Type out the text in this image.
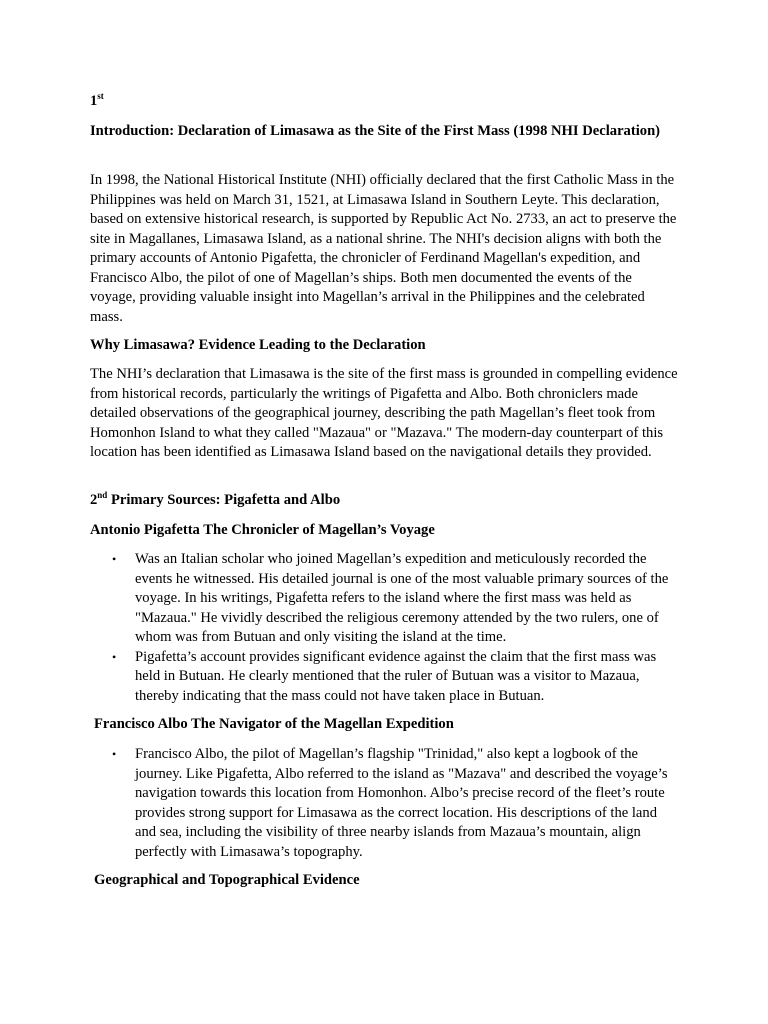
1st

Introduction: Declaration of Limasawa as the Site of the First Mass (1998 NHI Declaration)

In 1998, the National Historical Institute (NHI) officially declared that the first Catholic Mass in the Philippines was held on March 31, 1521, at Limasawa Island in Southern Leyte. This declaration, based on extensive historical research, is supported by Republic Act No. 2733, an act to preserve the site in Magallanes, Limasawa Island, as a national shrine. The NHI's decision aligns with both the primary accounts of Antonio Pigafetta, the chronicler of Ferdinand Magellan's expedition, and Francisco Albo, the pilot of one of Magellan’s ships. Both men documented the events of the voyage, providing valuable insight into Magellan’s arrival in the Philippines and the celebrated mass.

Why Limasawa? Evidence Leading to the Declaration

The NHI’s declaration that Limasawa is the site of the first mass is grounded in compelling evidence from historical records, particularly the writings of Pigafetta and Albo. Both chroniclers made detailed observations of the geographical journey, describing the path Magellan’s fleet took from Homonhon Island to what they called "Mazaua" or "Mazava." The modern-day counterpart of this location has been identified as Limasawa Island based on the navigational details they provided.

2nd Primary Sources: Pigafetta and Albo

Antonio Pigafetta The Chronicler of Magellan’s Voyage

• Was an Italian scholar who joined Magellan’s expedition and meticulously recorded the events he witnessed. His detailed journal is one of the most valuable primary sources of the voyage. In his writings, Pigafetta refers to the island where the first mass was held as "Mazaua." He vividly described the religious ceremony attended by the two rulers, one of whom was from Butuan and only visiting the island at the time.
• Pigafetta’s account provides significant evidence against the claim that the first mass was held in Butuan. He clearly mentioned that the ruler of Butuan was a visitor to Mazaua, thereby indicating that the mass could not have taken place in Butuan.

Francisco Albo The Navigator of the Magellan Expedition

• Francisco Albo, the pilot of Magellan’s flagship "Trinidad," also kept a logbook of the journey. Like Pigafetta, Albo referred to the island as "Mazava" and described the voyage’s navigation towards this location from Homonhon. Albo’s precise record of the fleet’s route provides strong support for Limasawa as the correct location. His descriptions of the land and sea, including the visibility of three nearby islands from Mazaua’s mountain, align perfectly with Limasawa’s topography.

Geographical and Topographical Evidence
